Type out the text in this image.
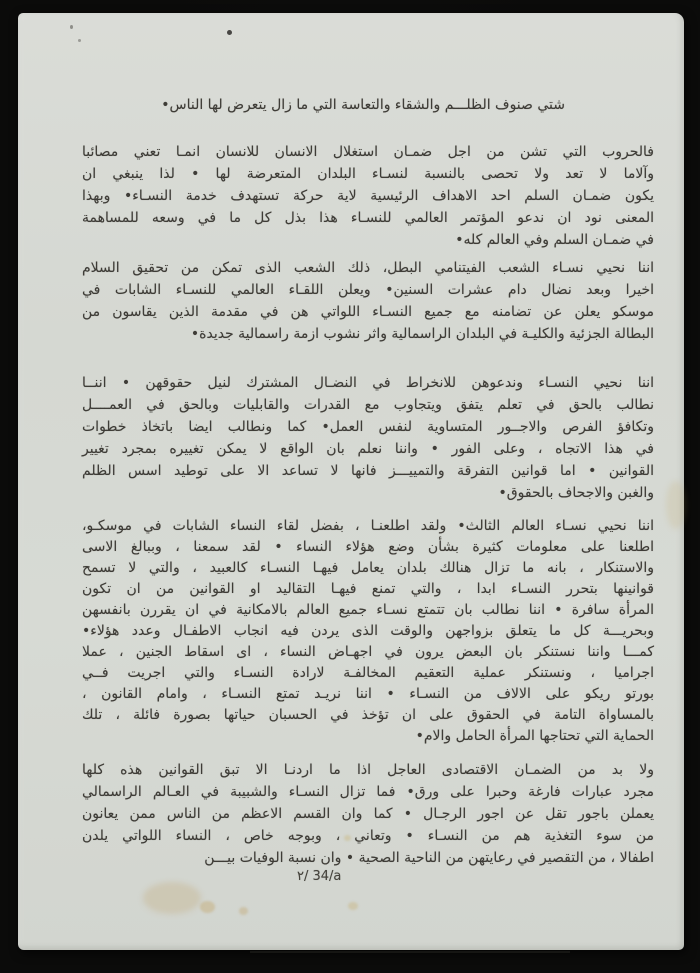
شتي صنوف الظلـــم والشقاء والتعاسة التي ما زال يتعرض لها الناس•
فالحروب التي تشن من اجل ضمـان استغلال الانسان للانسان انمـا تعني مصائبا
وآلاما لا تعد ولا تحصى بالنسبة لنسـاء البلدان المتعرضة لها • لذا ينبغي ان
يكون ضمـان السلم احد الاهداف الرئيسية لاية حركة تستهدف خدمة النسـاء• وبهذا
المعنى نود ان ندعو المؤتمر العالمي للنسـاء هذا بذل كل ما في وسعه للمساهمة
في ضمـان السلم وفي العالم كله•
اننا نحيي نسـاء الشعب الفيتنامي البطل، ذلك الشعب الذى تمكن من تحقيق السلام
اخيرا وبعد نضال دام عشرات السنين• ويعلن اللقـاء العالمي للنسـاء الشابات في
موسكو يعلن عن تضامنه مع جميع النسـاء اللواتي هن في مقدمة الذين يقاسون من
البطالة الجزئية والكليـة في البلدان الراسمالية واثر نشوب ازمة راسمالية جديدة•
اننا نحيي النسـاء وندعوهن للانخراط في النضـال المشترك لنيل حقوقهن • اننــا
نطالب بالحق في تعلم يتفق ويتجاوب مع القدرات والقابليات وبالحق في العمــــل
وتكافؤ الفرص والاجــور المتساوية لنفس العمل• كما ونطالب ايضا باتخاذ خطوات
في هذا الاتجاه ، وعلى الفور • واننا نعلم بان الواقع لا يمكن تغييره بمجرد تغيير
القوانين • اما قوانين التفرقة والتمييـــز فانها لا تساعد الا على توطيد اسس الظلم
والغبن والاجحاف بالحقوق•
اننا نحيي نسـاء العالم الثالث• ولقد اطلعنـا ، بفضل لقاء النساء الشابات في موسكـو،
اطلعنا على معلومات كثيرة بشأن وضع هؤلاء النساء • لقد سمعنا ، وببالغ الاسى
والاستنكار ، بانه ما تزال هنالك بلدان يعامل فيهـا النسـاء كالعبيد ، والتي لا تسمح
قوانينها بتحرر النسـاء ابدا ، والتي تمنع فيهـا التقاليد او القوانين من ان تكون
المرأة سافرة • اننا نطالب بان تتمتع نسـاء جميع العالم بالامكانية في ان يقررن بانفسهن
وبحريـــة كل ما يتعلق بزواجهن والوقت الذى يردن فيه انجاب الاطفـال وعدد هؤلاء•
كمـــا واننا نستنكر بان البعض يرون في اجهـاض النساء ، اى اسقاط الجنين ، عملا
اجراميا ، ونستنكر عملية التعقيم المخالفـة لارادة النسـاء والتي اجريت فــي
بورتو ريكو على الالاف من النسـاء • اننا نريـد تمتع النسـاء ، وامام القانون ،
بالمساواة التامة في الحقوق على ان تؤخذ في الحسبان حياتها بصورة فائلة ، تلك
الحماية التي تحتاجها المرأة الحامل والام•
ولا بد من الضمـان الاقتصادى العاجل اذا ما اردنـا الا تبق القوانين هذه كلها
مجرد عبارات فارغة وحبرا على ورق• فما تزال النسـاء والشبيبة في العـالم الراسمالي
يعملن باجور تقل عن اجور الرجـال • كما وان القسم الاعظم من الناس ممن يعانون
من سوء التغذية هم من النسـاء • وتعاني ، وبوجه خاص ، النساء اللواتي يلدن
اطفالا ، من التقصير في رعايتهن من الناحية الصحية • وان نسبة الوفيات بيـــن
٢/ 34/a
